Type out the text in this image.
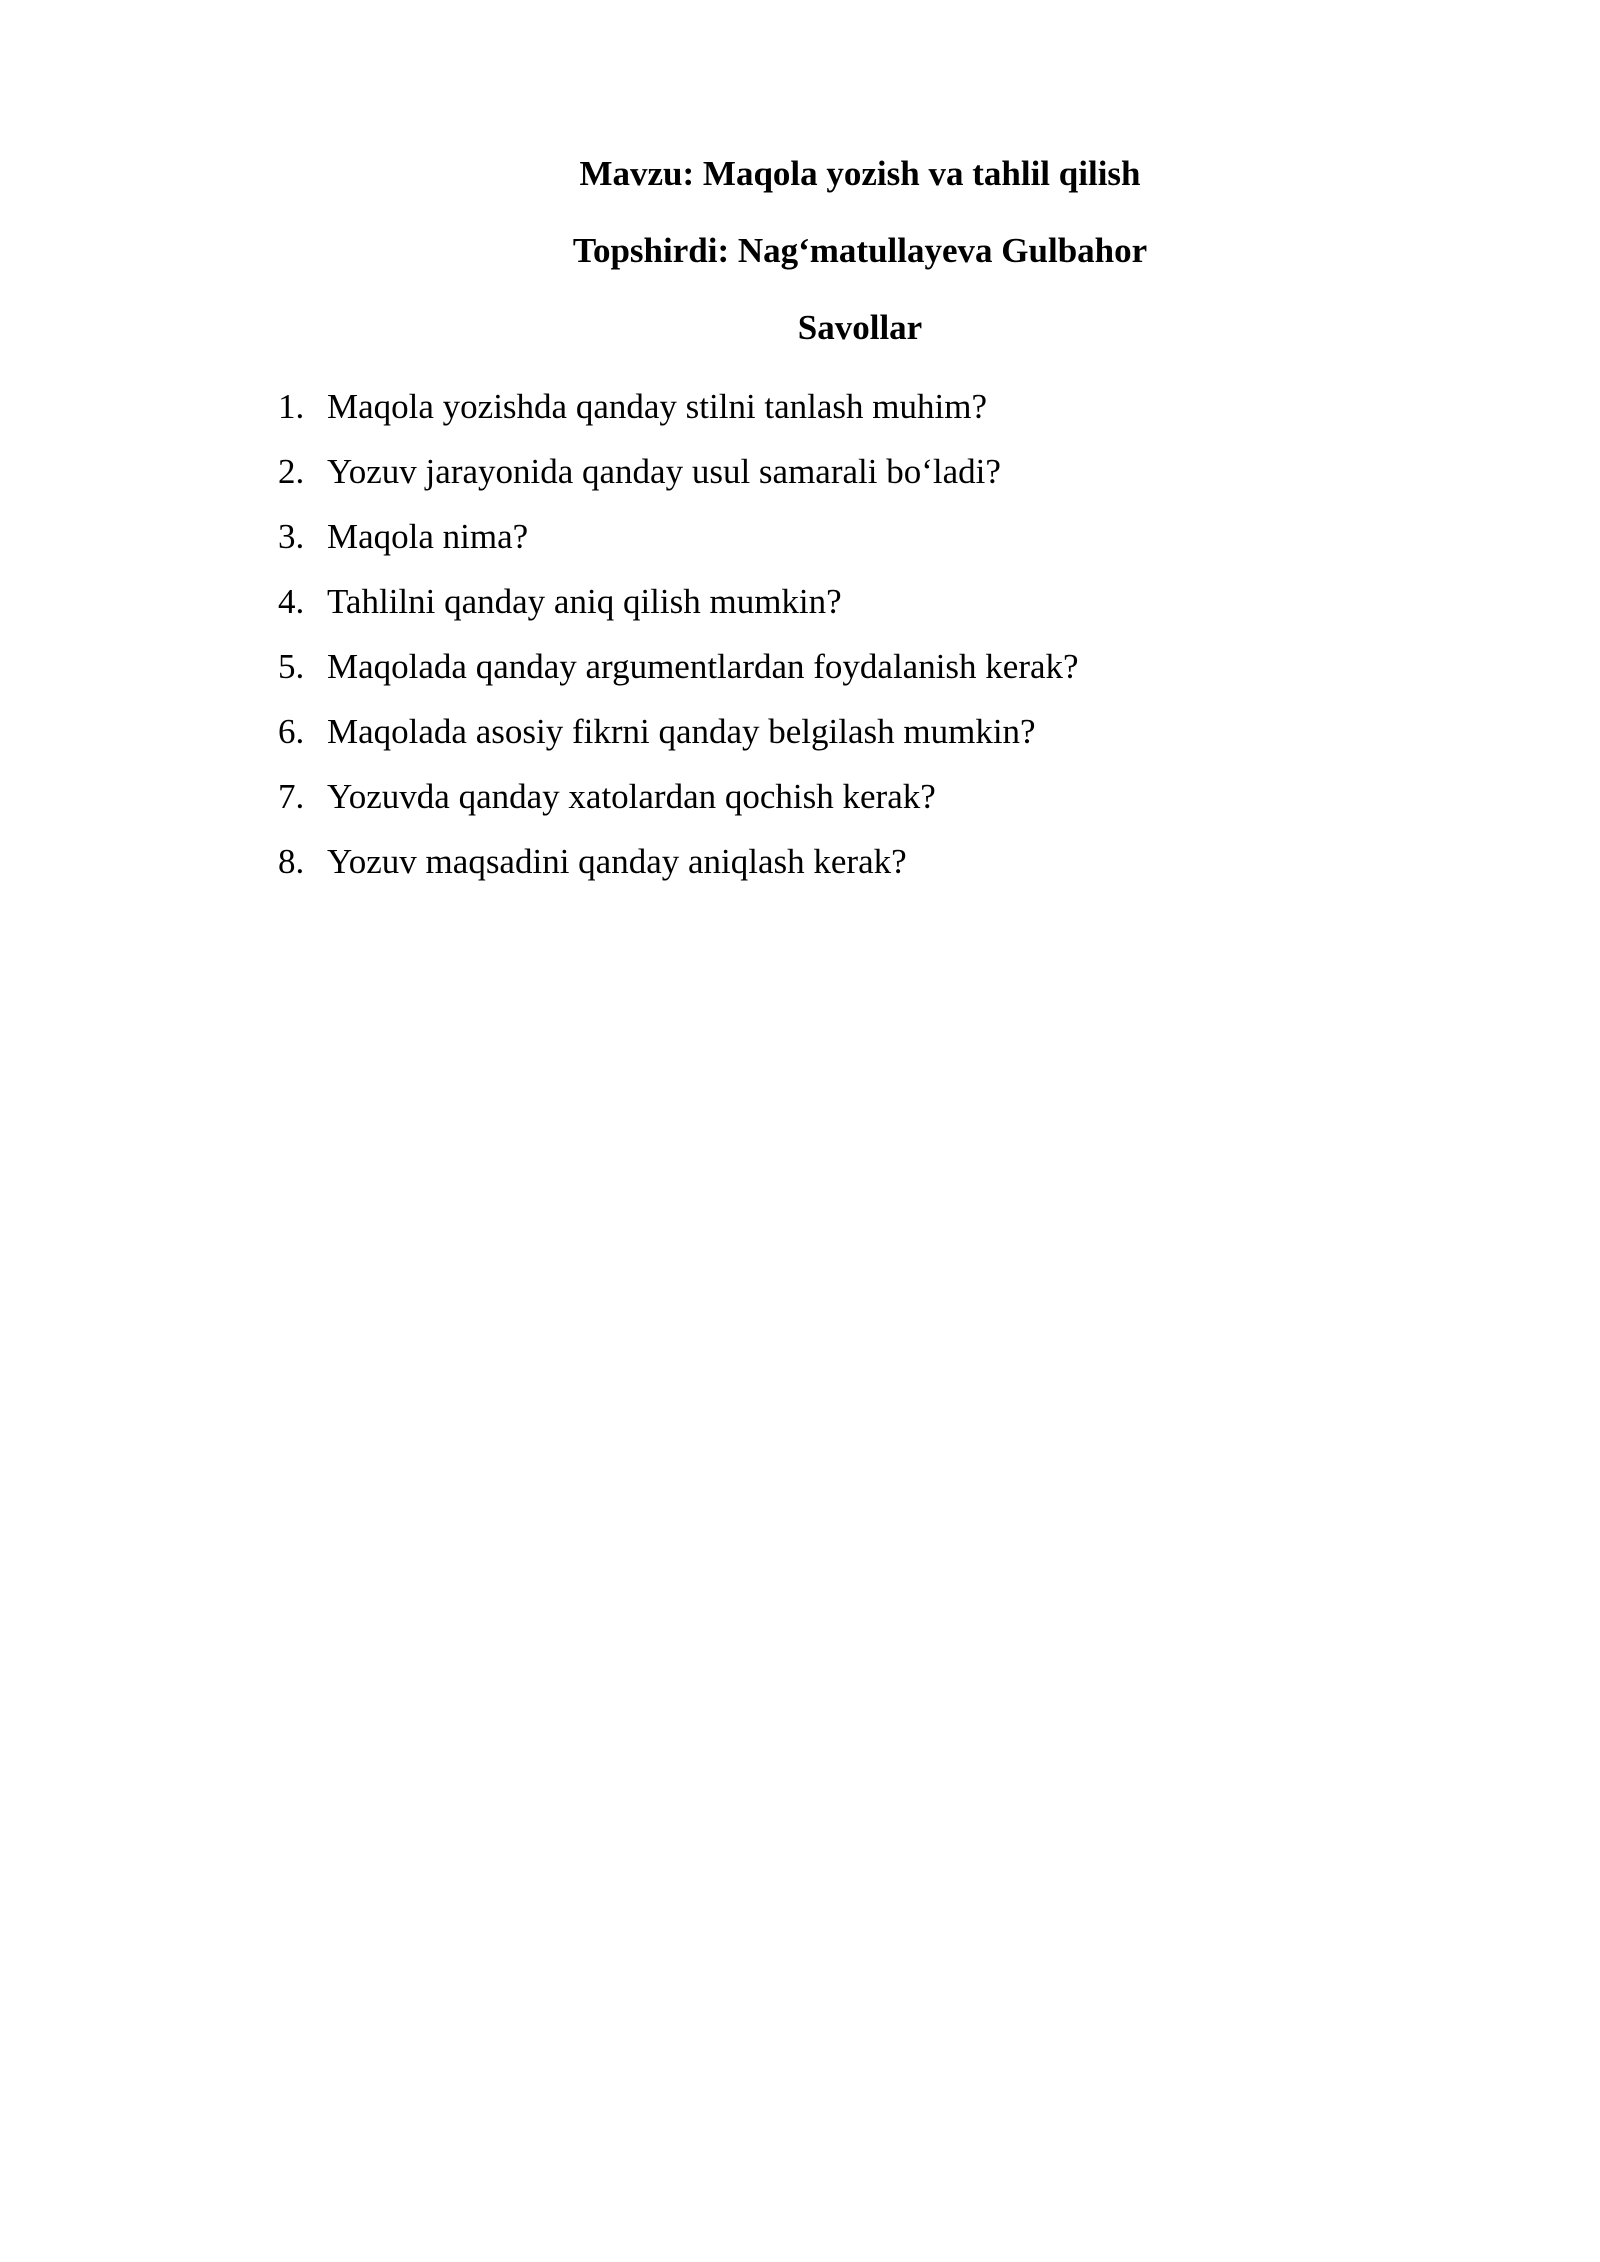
Mavzu: Maqola yozish va tahlil qilish
Topshirdi: Nag‘matullayeva Gulbahor
Savollar
1. Maqola yozishda qanday stilni tanlash muhim?
2. Yozuv jarayonida qanday usul samarali bo‘ladi?
3. Maqola nima?
4. Tahlilni qanday aniq qilish mumkin?
5. Maqolada qanday argumentlardan foydalanish kerak?
6. Maqolada asosiy fikrni qanday belgilash mumkin?
7. Yozuvda qanday xatolardan qochish kerak?
8. Yozuv maqsadini qanday aniqlash kerak?
